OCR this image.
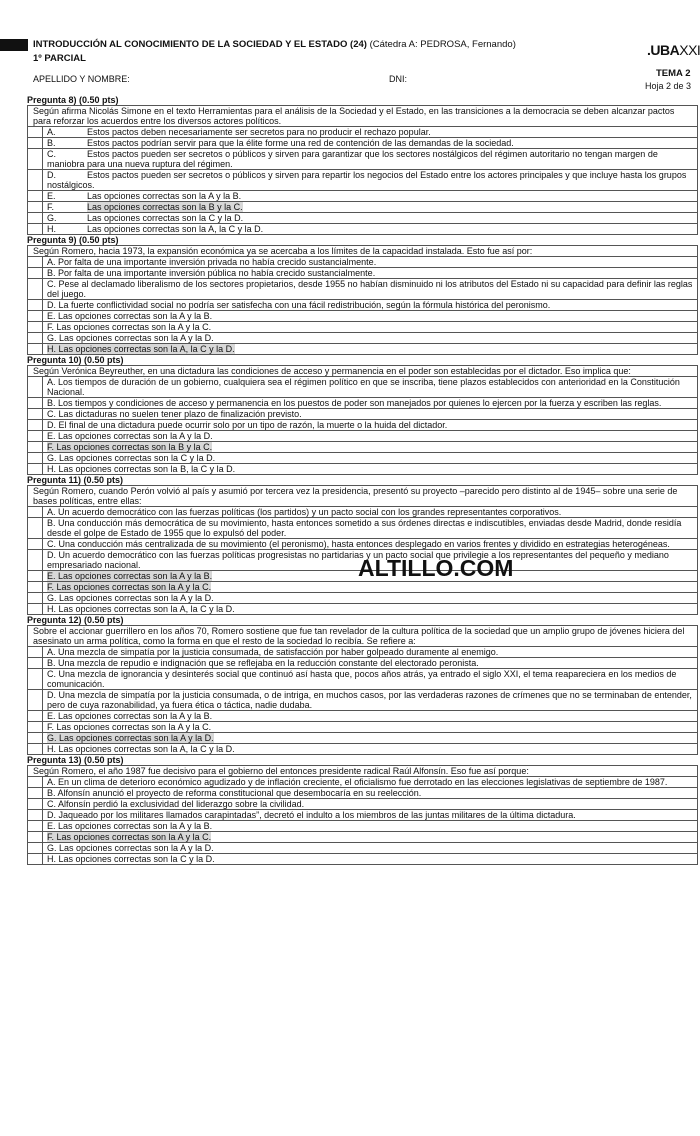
INTRODUCCIÓN AL CONOCIMIENTO DE LA SOCIEDAD Y EL ESTADO (24) (Cátedra A: PEDROSA, Fernando)
1º PARCIAL
.UBAXXI
TEMA 2
Hoja 2 de 3
APELLIDO Y NOMBRE:	DNI:
Pregunta 8) (0.50 pts)
Según afirma Nicolás Simone en el texto Herramientas para el análisis de la Sociedad y el Estado, en las transiciones a la democracia se deben alcanzar pactos para reforzar los acuerdos entre los diversos actores políticos.	
	A. Estos pactos deben necesariamente ser secretos para no producir el rechazo popular.
	B. Estos pactos podrían servir para que la élite forme una red de contención de las demandas de la sociedad.
	C. Estos pactos pueden ser secretos o públicos y sirven para garantizar que los sectores nostálgicos del régimen autoritario no tengan margen de maniobra para una nueva ruptura del régimen.
	D. Estos pactos pueden ser secretos o públicos y sirven para repartir los negocios del Estado entre los actores principales y que incluye hasta los grupos nostálgicos.
	E. Las opciones correctas son la A y la B.
	F. Las opciones correctas son la B y la C.
	G. Las opciones correctas son la C y la D.
	H. Las opciones correctas son la A, la C y la D.
Pregunta 9) (0.50 pts)
Según Romero, hacia 1973, la expansión económica ya se acercaba a los límites de la capacidad instalada. Esto fue así por:	
	A. Por falta de una importante inversión privada no había crecido sustancialmente.
	B. Por falta de una importante inversión pública no había crecido sustancialmente.
	C. Pese al declamado liberalismo de los sectores propietarios, desde 1955 no habían disminuido ni los atributos del Estado ni su capacidad para definir las reglas del juego.
	D. La fuerte conflictividad social no podría ser satisfecha con una fácil redistribución, según la fórmula histórica del peronismo.
	E. Las opciones correctas son la A y la B.
	F. Las opciones correctas son la A y la C.
	G. Las opciones correctas son la A y la D.
	H. Las opciones correctas son la A, la C y la D.
Pregunta 10) (0.50 pts)
Según Verónica Beyreuther, en una dictadura las condiciones de acceso y permanencia en el poder son establecidas por el dictador. Eso implica que:	
	A. Los tiempos de duración de un gobierno, cualquiera sea el régimen político en que se inscriba, tiene plazos establecidos con anterioridad en la Constitución Nacional.
	B. Los tiempos y condiciones de acceso y permanencia en los puestos de poder son manejados por quienes lo ejercen por la fuerza y escriben las reglas.
	C. Las dictaduras no suelen tener plazo de finalización previsto.
	D. El final de una dictadura puede ocurrir solo por un tipo de razón, la muerte o la huida del dictador.
	E. Las opciones correctas son la A y la D.
	F. Las opciones correctas son la B y la C.
	G. Las opciones correctas son la C y la D.
	H. Las opciones correctas son la B, la C y la D.
Pregunta 11) (0.50 pts)
Según Romero, cuando Perón volvió al país y asumió por tercera vez la presidencia, presentó su proyecto –parecido pero distinto al de 1945– sobre una serie de bases políticas, entre ellas:	
	A. Un acuerdo democrático con las fuerzas políticas (los partidos) y un pacto social con los grandes representantes corporativos.
	B. Una conducción más democrática de su movimiento, hasta entonces sometido a sus órdenes directas e indiscutibles, enviadas desde Madrid, donde residía desde el golpe de Estado de 1955 que lo expulsó del poder.
	C. Una conducción más centralizada de su movimiento (el peronismo), hasta entonces desplegado en varios frentes y dividido en estrategias heterogéneas.
	D. Un acuerdo democrático con las fuerzas políticas progresistas no partidarias y un pacto social que privilegie a los representantes del pequeño y mediano empresariado nacional.
	E. Las opciones correctas son la A y la B.
	F. Las opciones correctas son la A y la C.
	G. Las opciones correctas son la A y la D.
	H. Las opciones correctas son la A, la C y la D.
Pregunta 12) (0.50 pts)
Sobre el accionar guerrillero en los años 70, Romero sostiene que fue tan revelador de la cultura política de la sociedad que un amplio grupo de jóvenes hiciera del asesinato un arma política, como la forma en que el resto de la sociedad lo recibía. Se refiere a:	
	A. Una mezcla de simpatía por la justicia consumada, de satisfacción por haber golpeado duramente al enemigo.
	B. Una mezcla de repudio e indignación que se reflejaba en la reducción constante del electorado peronista.
	C. Una mezcla de ignorancia y desinterés social que continuó así hasta que, pocos años atrás, ya entrado el siglo XXI, el tema reaparecierа en los medios de comunicación.
	D. Una mezcla de simpatía por la justicia consumada, o de intriga, en muchos casos, por las verdaderas razones de crímenes que no se terminaban de entender, pero de cuya razonabilidad, ya fuera ética o táctica, nadie dudaba.
	E. Las opciones correctas son la A y la B.
	F. Las opciones correctas son la A y la C.
	G. Las opciones correctas son la A y la D.
	H. Las opciones correctas son la A, la C y la D.
Pregunta 13) (0.50 pts)
Según Romero, el año 1987 fue decisivo para el gobierno del entonces presidente radical Raúl Alfonsín. Eso fue así porque:	
	A. En un clima de deterioro económico agudizado y de inflación creciente, el oficialismo fue derrotado en las elecciones legislativas de septiembre de 1987.
	B. Alfonsín anunció el proyecto de reforma constitucional que desembocaría en su reelección.
	C. Alfonsín perdió la exclusividad del liderazgo sobre la civilidad.
	D. Jaqueado por los militares llamados carapintadas”, decretó el indulto a los miembros de las juntas militares de la última dictadura.
	E. Las opciones correctas son la A y la B.
	F. Las opciones correctas son la A y la C.
	G. Las opciones correctas son la A y la D.
	H. Las opciones correctas son la C y la D.
ALTILLO.COM
